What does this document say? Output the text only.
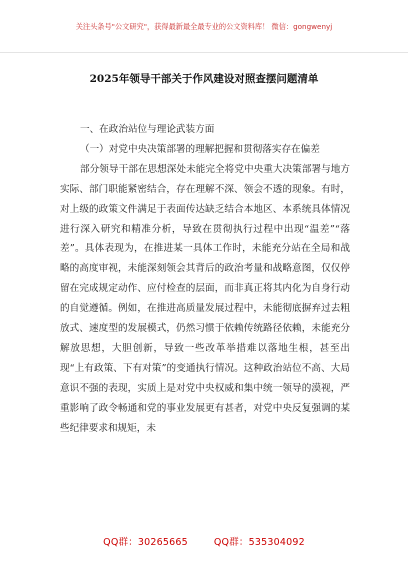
关注头条号"公文研究"，获得最新最全最专业的公文资料库！ 微信：gongwenyj
2025年领导干部关于作风建设对照查摆问题清单

一、在政治站位与理论武装方面

（一）对党中央决策部署的理解把握和贯彻落实存在偏差

部分领导干部在思想深处未能完全将党中央重大决策部署与地方实际、部门职能紧密结合，存在理解不深、领会不透的现象。有时，对上级的政策文件满足于表面传达缺乏结合本地区、本系统具体情况进行深入研究和精准分析，导致在贯彻执行过程中出现“温差”“落差”。具体表现为，在推进某一具体工作时，未能充分站在全局和战略的高度审视，未能深刻领会其背后的政治考量和战略意图，仅仅停留在完成规定动作、应付检查的层面，而非真正将其内化为自身行动的自觉遵循。例如，在推进高质量发展过程中，未能彻底摒弃过去粗放式、速度型的发展模式，仍然习惯于依赖传统路径依赖，未能充分解放思想，大胆创新，导致一些改革举措难以落地生根，甚至出现“上有政策、下有对策”的变通执行情况。这种政治站位不高、大局意识不强的表现，实质上是对党中央权威和集中统一领导的漠视，严重影响了政令畅通和党的事业发展更有甚者，对党中央反复强调的某些纪律要求和规矩，未

QQ群：30265665	QQ群：535304092
